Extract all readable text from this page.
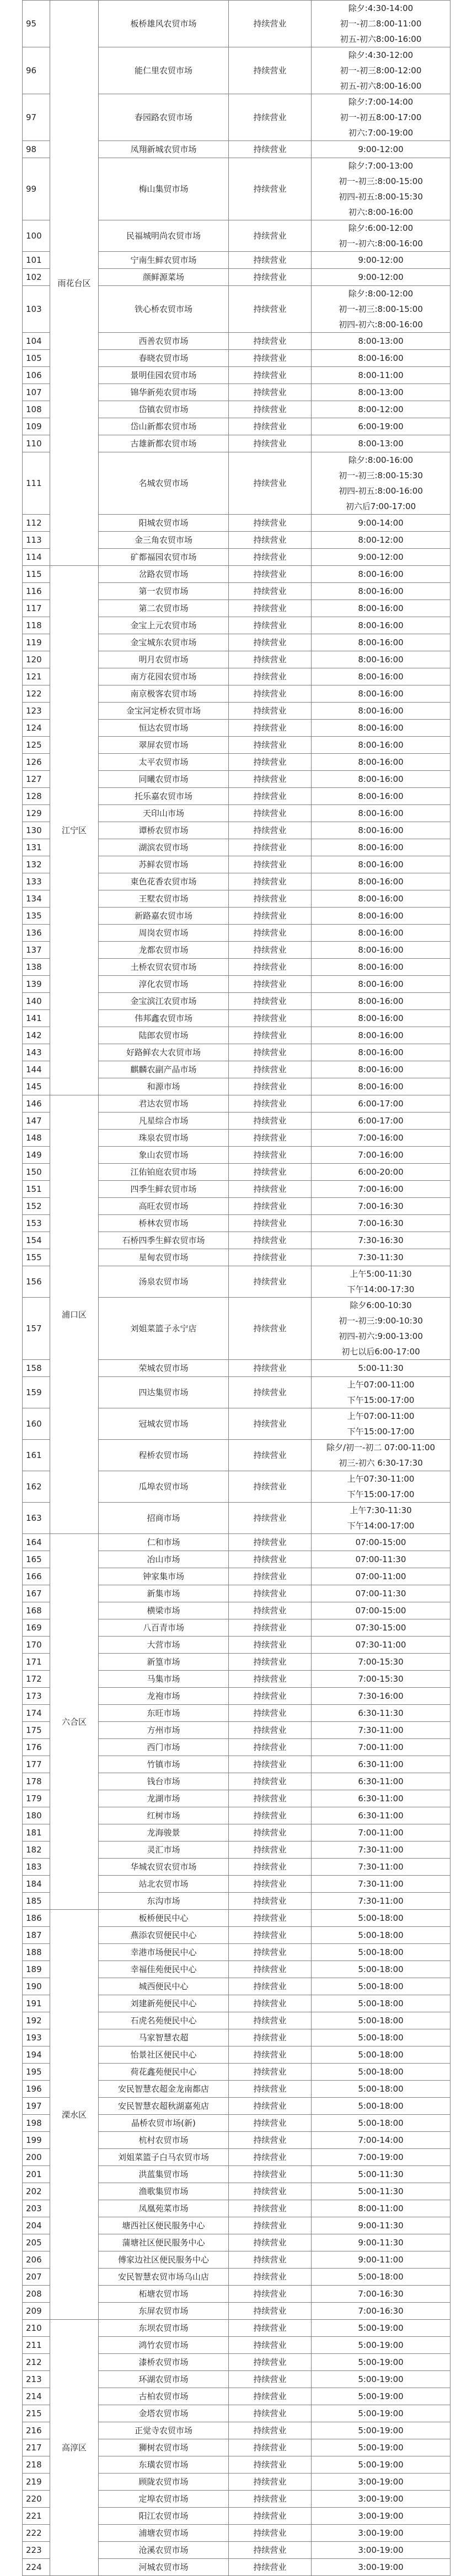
95	雨花台区	板桥雄风农贸市场	持续营业	除夕:4:30-14:00
初一-初二8:00-11:00
初五-初六8:00-16:00

96		能仁里农贸市场	持续营业	除夕:4:30-12:00
初一-初三8:00-12:00
初五-初六8:00-16:00

97		春园路农贸市场	持续营业	除夕:7:00-14:00
初一-初五8:00-17:00
初六:7:00-19:00

98		凤翔新城农贸市场	持续营业	9:00-12:00

99		梅山集贸市场	持续营业	除夕:7:00-13:00
初一-初三:8:00-15:00
初四-初五:8:00-15:30
初六:8:00-16:00

100		民福城明尚农贸市场	持续营业	除夕:6:00-12:00
初一-初六:8:00-16:00

101		宁南生鲜农贸市场	持续营业	9:00-12:00

102		颜鲜源菜场	持续营业	9:00-12:00

103		铁心桥农贸市场	持续营业	除夕:8:00-12:00
初一-初三:8:00-15:00
初四-初六:8:00-16:00

104		西善农贸市场	持续营业	8:00-13:00

105		春晓农贸市场	持续营业	8:00-16:00

106		景明佳园农贸市场	持续营业	8:00-11:00

107		锦华新苑农贸市场	持续营业	8:00-13:00

108		岱镇农贸市场	持续营业	8:00-12:00

109		岱山新都农贸市场	持续营业	6:00-19:00

110		古雄新都农贸市场	持续营业	8:00-13:00

111		名城农贸市场	持续营业	除夕:8:00-16:00
初一-初三:8:00-15:30
初四-初五:8:00-16:00
初六后7:00-17:00

112		阳城农贸市场	持续营业	9:00-14:00

113		金三角农贸市场	持续营业	8:00-12:00

114		矿都福园农贸市场	持续营业	9:00-12:00

115	江宁区	岔路农贸市场	持续营业	8:00-16:00

116		第一农贸市场	持续营业	8:00-16:00

117		第二农贸市场	持续营业	8:00-16:00

118		金宝上元农贸市场	持续营业	8:00-16:00

119		金宝城东农贸市场	持续营业	8:00-16:00

120		明月农贸市场	持续营业	8:00-16:00

121		南方花园农贸市场	持续营业	8:00-16:00

122		南京极客农贸市场	持续营业	8:00-16:00

123		金宝河定桥农贸市场	持续营业	8:00-16:00

124		恒达农贸市场	持续营业	8:00-16:00

125		翠屏农贸市场	持续营业	8:00-16:00

126		太平农贸市场	持续营业	8:00-16:00

127		同曦农贸市场	持续营业	8:00-16:00

128		托乐嘉农贸市场	持续营业	8:00-16:00

129		天印山市场	持续营业	8:00-16:00

130		谭桥农贸市场	持续营业	8:00-16:00

131		湖滨农贸市场	持续营业	8:00-16:00

132		苏鲜农贸市场	持续营业	8:00-16:00

133		東色花香农贸市场	持续营业	8:00-16:00

134		王墅农贸市场	持续营业	8:00-16:00

135		新路嘉农贸市场	持续营业	8:00-16:00

136		周岗农贸市场	持续营业	8:00-16:00

137		龙都农贸市场	持续营业	8:00-16:00

138		土桥农贸农贸市场	持续营业	8:00-16:00

139		淳化农贸市场	持续营业	8:00-16:00

140		金宝滨江农贸市场	持续营业	8:00-16:00

141		伟邦鑫农贸市场	持续营业	8:00-16:00

142		陆郎农贸市场	持续营业	8:00-16:00

143		好路鲜农大农贸市场	持续营业	8:00-16:00

144		麒麟农副产品市场	持续营业	8:00-16:00

145		和源市场	持续营业	8:00-16:00

146	浦口区	君达农贸市场	持续营业	6:00-17:00

147		凡星综合市场	持续营业	6:00-17:00

148		珠泉农贸市场	持续营业	7:00-16:00

149		象山农贸市场	持续营业	7:00-16:00

150		江佑铂庭农贸市场	持续营业	6:00-20:00

151		四季生鲜农贸市场	持续营业	7:00-16:00

152		高旺农贸市场	持续营业	7:00-16:30

153		桥林农贸市场	持续营业	7:00-16:30

154		石桥四季生鲜农贸市场	持续营业	7:30-16:30

155		星甸农贸市场	持续营业	7:30-11:30

156		汤泉农贸市场	持续营业	上午5:00-11:30
下午14:00-17:30

157		刘姐菜篮子永宁店	持续营业	除夕6:00-10:30
初一-初三:9:00-10:30
初四-初六:9:00-13:00
初七以后6:00-17:00

158		荣城农贸市场	持续营业	5:00-11:30

159		四达集贸市场	持续营业	上午07:00-11:00
下午15:00-17:00

160		冠城农贸市场	持续营业	上午07:00-11:00
下午15:00-17:00

161		程桥农贸市场	持续营业	除夕/初一-初二 07:00-11:00
初三-初六 6:30-17:30

162		瓜埠农贸市场	持续营业	上午07:30-11:00
下午15:00-17:00

163		招商市场	持续营业	上午7:30-11:30
下午14:00-17:00

164	六合区	仁和市场	持续营业	07:00-15:00

165		冶山市场	持续营业	07:00-11:30

166		钟家集市场	持续营业	07:00-11:00

167		新集市场	持续营业	07:00-11:30

168		横梁市场	持续营业	07:00-15:00

169		八百青市场	持续营业	07:30-15:00

170		大营市场	持续营业	07:30-11:00

171		新篁市场	持续营业	7:00-15:30

172		马集市场	持续营业	7:00-15:30

173		龙袍市场	持续营业	7:30-16:00

174		东旺市场	持续营业	6:30-11:30

175		方州市场	持续营业	7:30-11:00

176		西门市场	持续营业	7:00-11:00

177		竹镇市场	持续营业	6:30-11:00

178		钱台市场	持续营业	6:30-11:00

179		龙湖市场	持续营业	6:30-11:00

180		红树市场	持续营业	6:30-11:00

181		龙海骏景	持续营业	7:00-11:00

182		灵汇市场	持续营业	7:30-11:00

183		华城农贸农贸市场	持续营业	7:30-11:00

184		站北农贸市场	持续营业	7:30-11:00

185		东沟市场	持续营业	7:30-11:00

186	溧水区	板桥便民中心	持续营业	5:00-18:00

187		燕添农贸便民中心	持续营业	5:00-18:00

188		幸港市场便民中心	持续营业	5:00-18:00

189		幸福佳苑便民中心	持续营业	5:00-18:00

190		城西便民中心	持续营业	5:00-18:00

191		刘建新苑便民中心	持续营业	5:00-18:00

192		石虎名苑便民中心	持续营业	5:00-18:00

193		马家智慧农超	持续营业	5:00-18:00

194		怡景社区便民中心	持续营业	5:00-18:00

195		荷花鑫苑便民中心	持续营业	5:00-18:00

196		安民智慧农超金龙南都店	持续营业	5:00-18:00

197		安民智慧农超秋湖嘉苑店	持续营业	5:00-18:00

198		晶桥农贸市场(新)	持续营业	5:00-18:00

199		杭村农贸市场	持续营业	7:00-14:00

200		刘姐菜篮子白马农贸市场	持续营业	7:00-19:00

201		洪蓝集贸市场	持续营业	5:00-11:30

202		渔歌集贸市场	持续营业	5:00-11:30

203		凤凰苑菜市场	持续营业	8:00-11:00

204		塘西社区便民服务中心	持续营业	9:00-11:30

205		蒲塘社区便民服务中心	持续营业	9:00-11:30

206		傅家边社区便民服务中心	持续营业	9:00-11:00

207		安民智慧农贸市场乌山店	持续营业	5:00-18:00

208		柘塘农贸市场	持续营业	7:00-16:30

209		东屏农贸市场	持续营业	7:00-16:30

210	高淳区	东坝农贸市场	持续营业	5:00-19:00

211		鸿竹农贸市场	持续营业	5:00-19:00

212		漆桥农贸市场	持续营业	5:00-19:00

213		环湖农贸市场	持续营业	5:00-19:00

214		古柏农贸市场	持续营业	5:00-19:00

215		金塔农贸市场	持续营业	5:00-19:00

216		正觉寺农贸市场	持续营业	5:00-19:00

217		狮树农贸市场	持续营业	5:00-19:00

218		东璜农贸市场	持续营业	5:00-19:00

219		顾陇农贸市场	持续营业	3:00-19:00

220		定埠农贸市场	持续营业	3:00-19:00

221		阳江农贸市场	持续营业	3:00-19:00

222		浦塘农贸市场	持续营业	3:00-19:00

223		沧溪农贸市场	持续营业	3:00-19:00

224		河城农贸市场	持续营业	3:00-19:00
